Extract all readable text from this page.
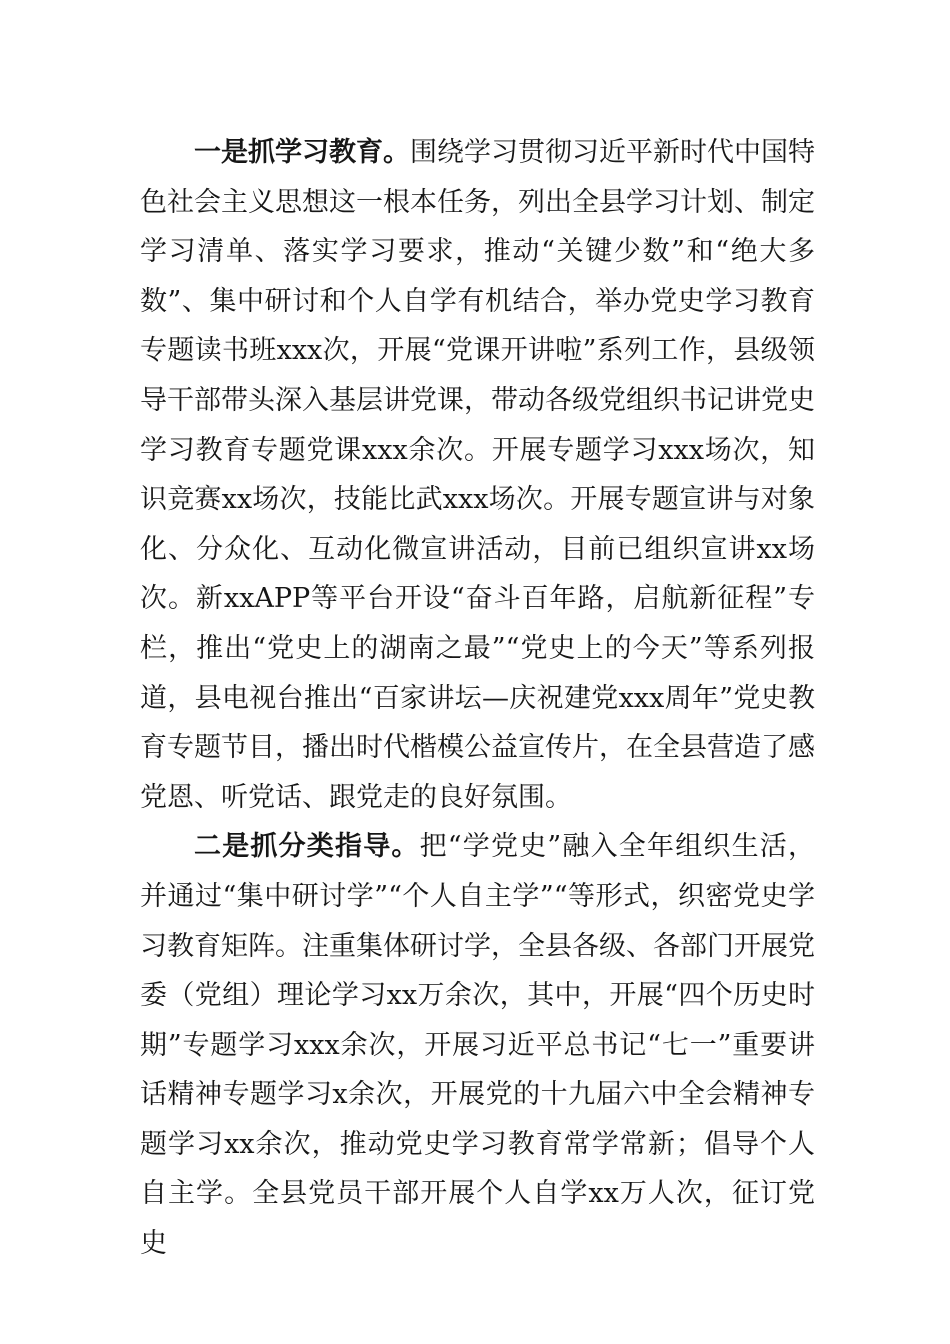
一是抓学习教育。围绕学习贯彻习近平新时代中国特色社会主义思想这一根本任务，列出全县学习计划、制定学习清单、落实学习要求，推动“关键少数”和“绝大多数”、集中研讨和个人自学有机结合，举办党史学习教育专题读书班xxx次，开展“党课开讲啦”系列工作，县级领导干部带头深入基层讲党课，带动各级党组织书记讲党史学习教育专题党课xxx余次。开展专题学习xxx场次，知识竞赛xx场次，技能比武xxx场次。开展专题宣讲与对象化、分众化、互动化微宣讲活动，目前已组织宣讲xx场次。新xxAPP等平台开设“奋斗百年路，启航新征程”专栏，推出“党史上的湖南之最”“党史上的今天”等系列报道，县电视台推出“百家讲坛—庆祝建党xxx周年”党史教育专题节目，播出时代楷模公益宣传片，在全县营造了感党恩、听党话、跟党走的良好氛围。

二是抓分类指导。把“学党史”融入全年组织生活，并通过“集中研讨学”“个人自主学”“等形式，织密党史学习教育矩阵。注重集体研讨学，全县各级、各部门开展党委（党组）理论学习xx万余次，其中，开展“四个历史时期”专题学习xxx余次，开展习近平总书记“七一”重要讲话精神专题学习x余次，开展党的十九届六中全会精神专题学习xx余次，推动党史学习教育常学常新；倡导个人自主学。全县党员干部开展个人自学xx万人次，征订党史
